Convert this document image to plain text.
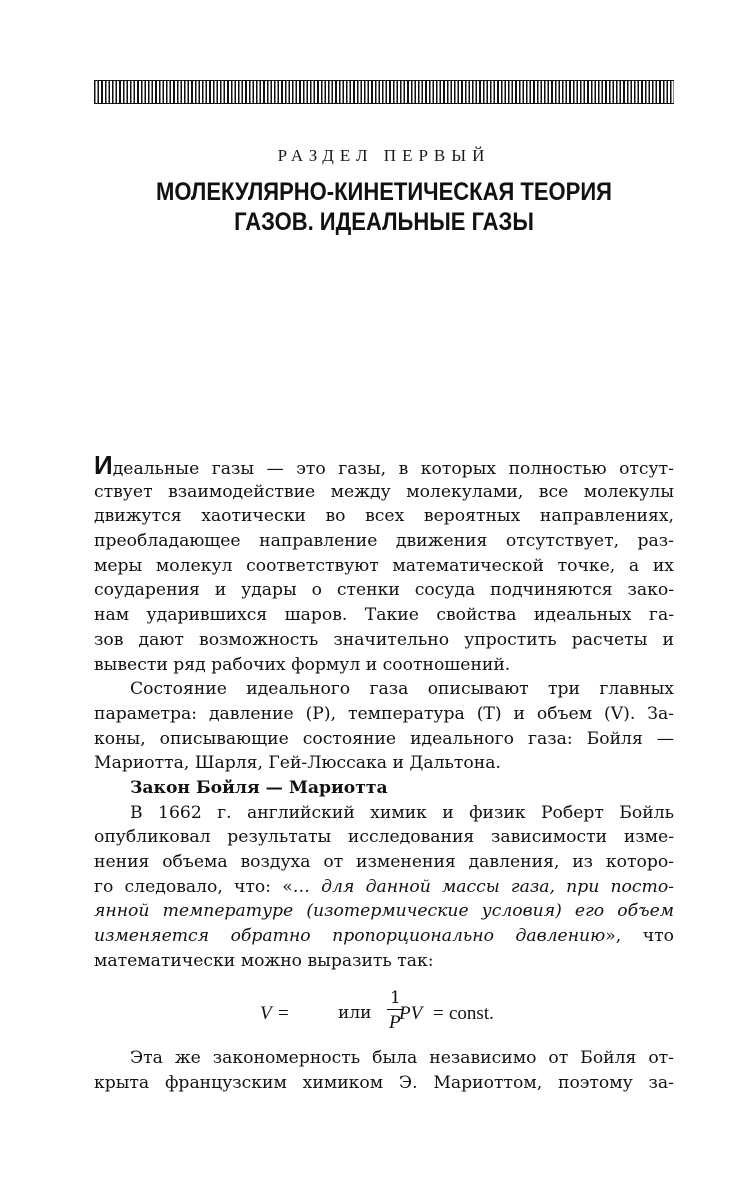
РАЗДЕЛ ПЕРВЫЙ
МОЛЕКУЛЯРНО-КИНЕТИЧЕСКАЯ ТЕОРИЯ
ГАЗОВ. ИДЕАЛЬНЫЕ ГАЗЫ
Идеальные газы — это газы, в которых полностью отсут-
ствует взаимодействие между молекулами, все молекулы
движутся хаотически во всех вероятных направлениях,
преобладающее направление движения отсутствует, раз-
меры молекул соответствуют математической точке, а их
соударения и удары о стенки сосуда подчиняются зако-
нам ударившихся шаров. Такие свойства идеальных га-
зов дают возможность значительно упростить расчеты и
вывести ряд рабочих формул и соотношений.
Состояние идеального газа описывают три главных
параметра: давление (P), температура (T) и объем (V). За-
коны, описывающие состояние идеального газа: Бойля —
Мариотта, Шарля, Гей-Люссака и Дальтона.
Закон Бойля — Мариотта
В 1662 г. английский химик и физик Роберт Бойль
опубликовал результаты исследования зависимости изме-
нения объема воздуха от изменения давления, из которо-
го следовало, что: «… для данной массы газа, при посто-
янной температуре (изотермические условия) его объем
изменяется обратно пропорционально давлению», что
математически можно выразить так:
V =
1
P
или PV = const.
Эта же закономерность была независимо от Бойля от-
крыта французским химиком Э. Мариоттом, поэтому за-
